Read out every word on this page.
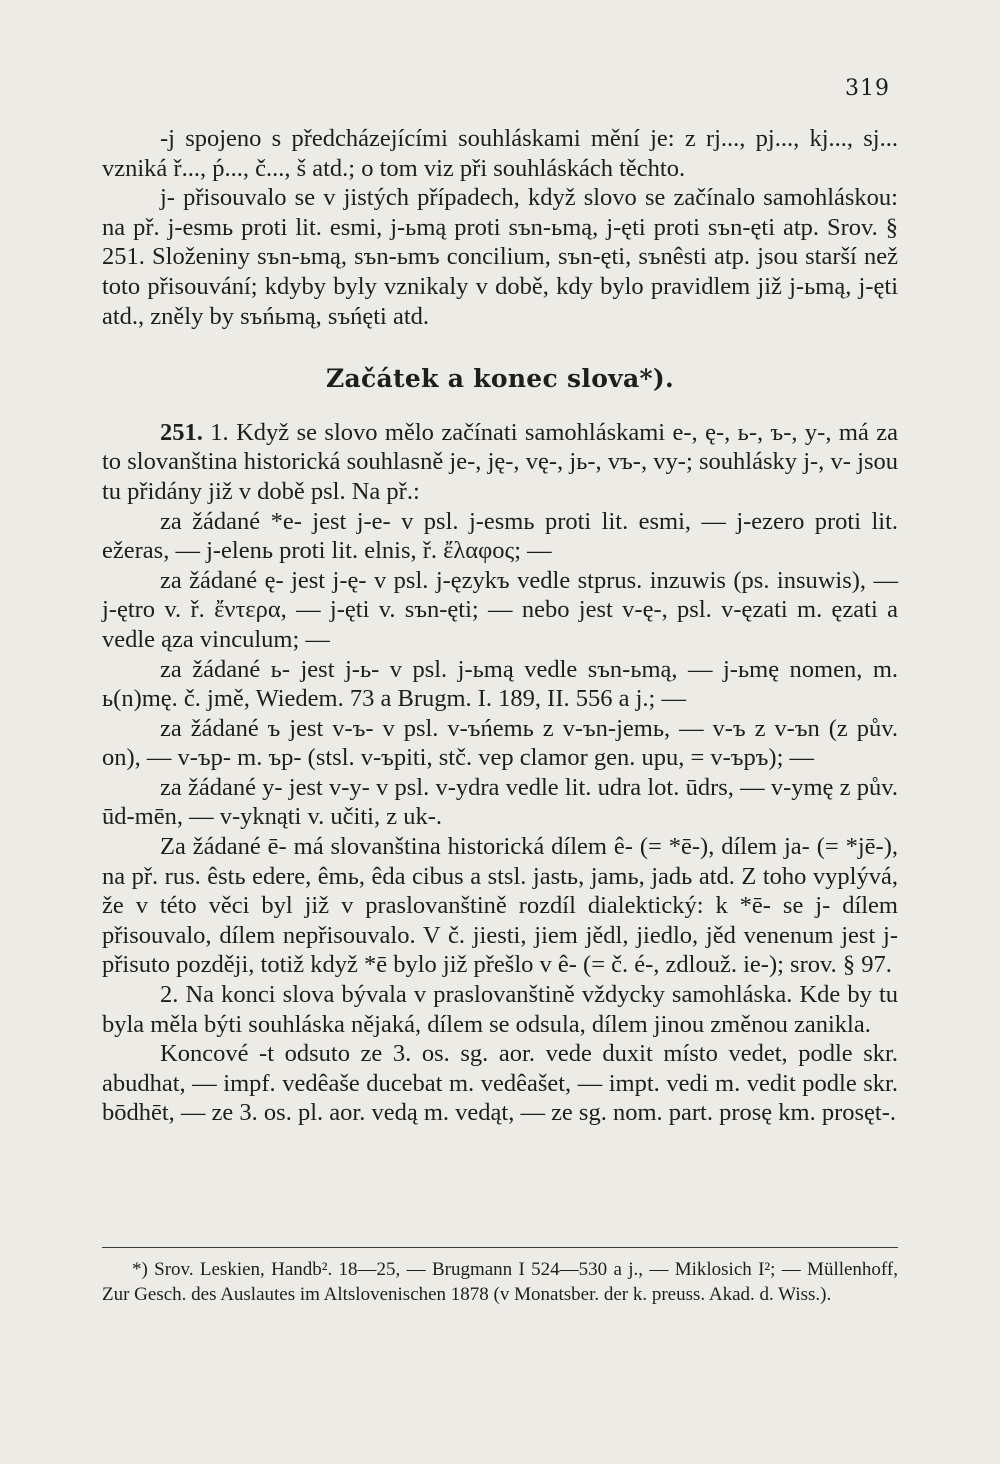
319

-j spojeno s předcházejícími souhláskami mění je: z rj..., pj..., kj..., sj... vzniká ř..., ṕ..., č..., š atd.; o tom viz při souhláskách těchto.

j- přisouvalo se v jistých případech, když slovo se začínalo samohláskou: na př. j-esmь proti lit. esmi, j-ьmą proti sъn-ьmą, j-ęti proti sъn-ęti atp. Srov. § 251. Složeniny sъn-ьmą, sъn-ьmъ concilium, sъn-ęti, sъnêsti atp. jsou starší než toto přisouvání; kdyby byly vznikaly v době, kdy bylo pravidlem již j-ьmą, j-ęti atd., zněly by sъńьmą, sъńęti atd.

Začátek a konec slova*).

251. 1. Když se slovo mělo začínati samohláskami e-, ę-, ь-, ъ-, y-, má za to slovanština historická souhlasně je-, ję-, vę-, jь-, vъ-, vy-; souhlásky j-, v- jsou tu přidány již v době psl. Na př.:

za žádané *e- jest j-e- v psl. j-esmь proti lit. esmi, — j-ezero proti lit. ežeras, — j-elenь proti lit. elnis, ř. ἔλαφος; —

za žádané ę- jest j-ę- v psl. j-ęzykъ vedle stprus. inzuwis (ps. insuwis), — j-ętro v. ř. ἔντερα, — j-ęti v. sъn-ęti; — nebo jest v-ę-, psl. v-ęzati m. ęzati a vedle ąza vinculum; —

za žádané ь- jest j-ь- v psl. j-ьmą vedle sъn-ьmą, — j-ьmę nomen, m. ь(n)mę. č. jmě, Wiedem. 73 a Brugm. I. 189, II. 556 a j.; —

za žádané ъ jest v-ъ- v psl. v-ъńemь z v-ъn-jemь, — v-ъ z v-ъn (z pův. on), — v-ър- m. ър- (stsl. v-ъpiti, stč. vep clamor gen. upu, = v-ъpъ); —

za žádané y- jest v-y- v psl. v-ydra vedle lit. udra lot. ūdrs, — v-ymę z pův. ūd-mēn, — v-yknąti v. učiti, z uk-.

Za žádané ē- má slovanština historická dílem ê- (= *ē-), dílem ja- (= *jē-), na př. rus. êstь edere, êmь, êda cibus a stsl. jastь, jamь, jadь atd. Z toho vyplývá, že v této věci byl již v praslovanštině rozdíl dialektický: k *ē- se j- dílem přisouvalo, dílem nepřisouvalo. V č. jiesti, jiem jědl, jiedlo, jěd venenum jest j- přisuto později, totiž když *ē bylo již přešlo v ê- (= č. é-, zdlouž. ie-); srov. § 97.

2. Na konci slova bývala v praslovanštině vždycky samohláska. Kde by tu byla měla býti souhláska nějaká, dílem se odsula, dílem jinou změnou zanikla.

Koncové -t odsuto ze 3. os. sg. aor. vede duxit místo vedet, podle skr. abudhat, — impf. vedêaše ducebat m. vedêašet, — impt. vedi m. vedit podle skr. bōdhēt, — ze 3. os. pl. aor. vedą m. vedąt, — ze sg. nom. part. prosę km. prosęt-.

*) Srov. Leskien, Handb². 18—25, — Brugmann I 524—530 a j., — Miklosich I²; — Müllenhoff, Zur Gesch. des Auslautes im Altslovenischen 1878 (v Monatsber. der k. preuss. Akad. d. Wiss.).
